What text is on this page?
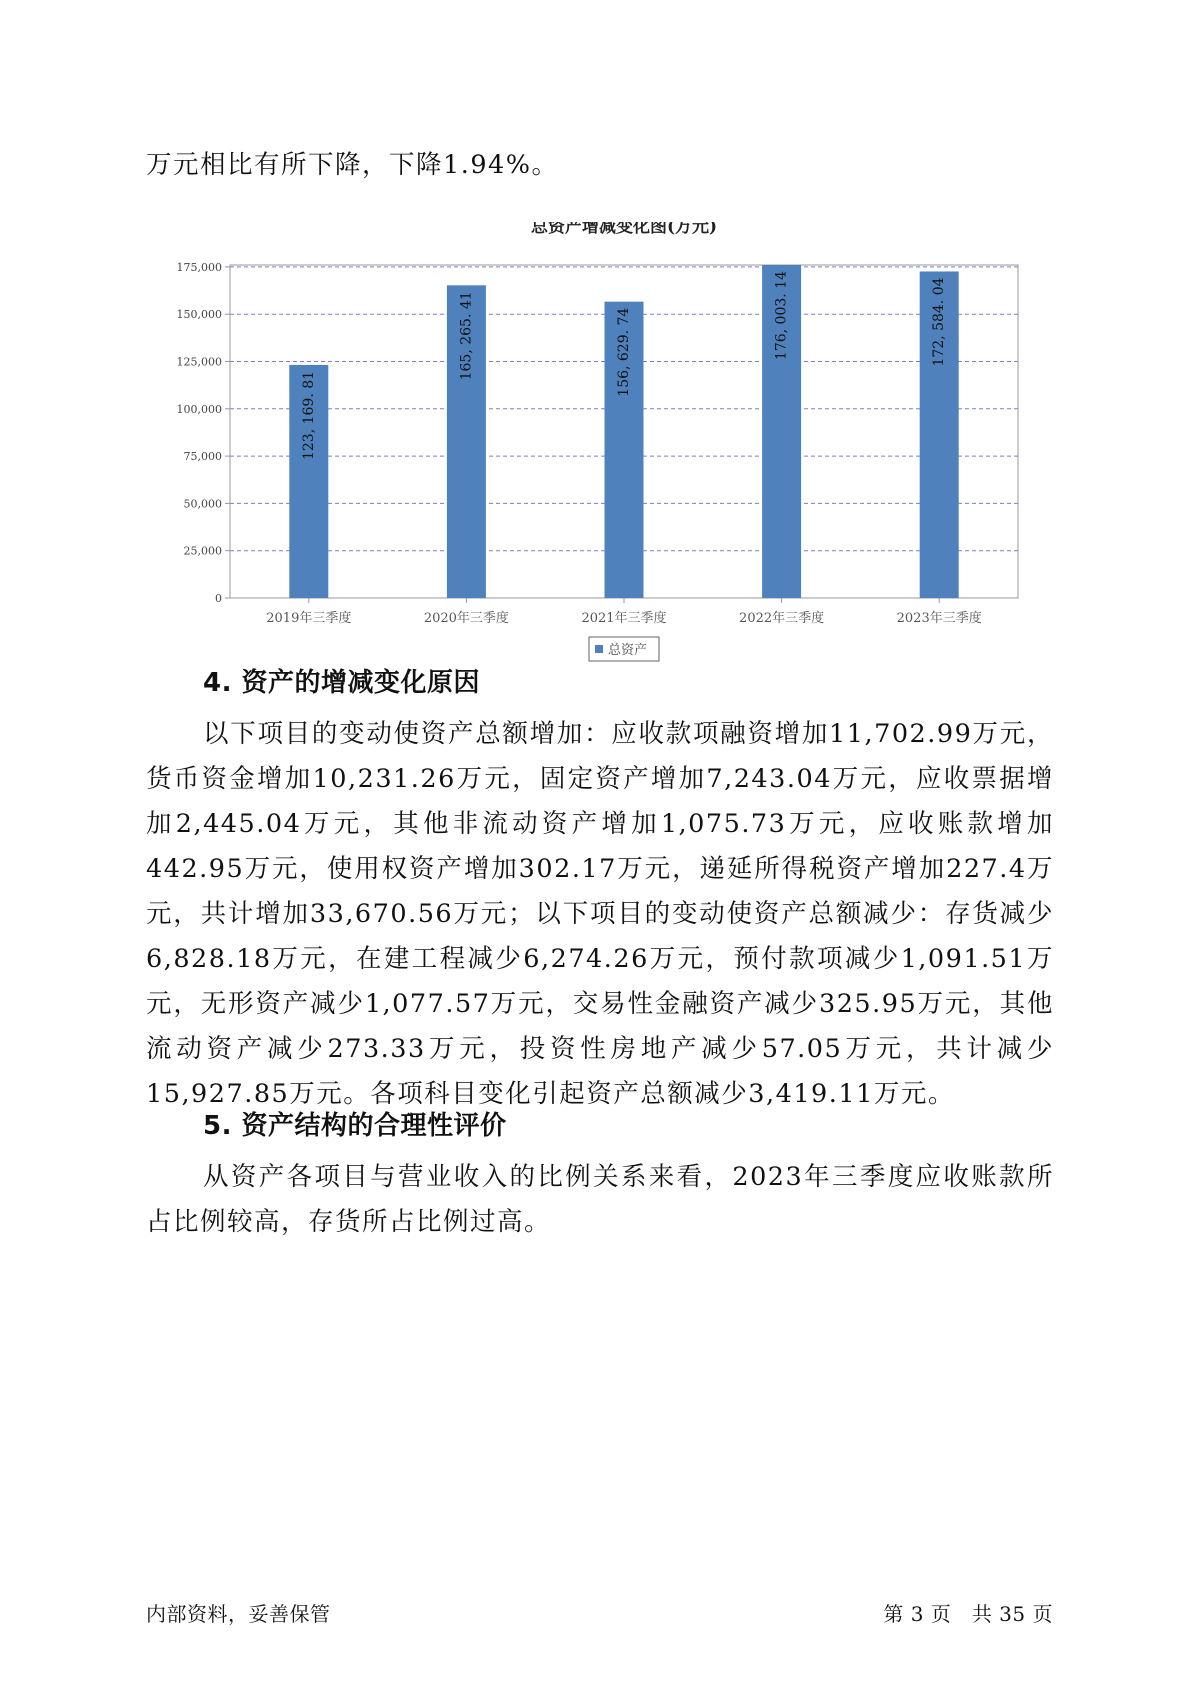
万元相比有所下降，下降1.94%。

总资产增减变化图(万元)
0
25,000
50,000
75,000
100,000
125,000
150,000
175,000
2019年三季度
123, 169. 81
2020年三季度
165, 265. 41
2021年三季度
156, 629. 74
2022年三季度
176, 003. 14
2023年三季度
172, 584. 04
总资产
4. 资产的增减变化原因

以下项目的变动使资产总额增加：应收款项融资增加11,702.99万元，货币资金增加10,231.26万元，固定资产增加7,243.04万元，应收票据增加2,445.04万元，其他非流动资产增加1,075.73万元，应收账款增加442.95万元，使用权资产增加302.17万元，递延所得税资产增加227.4万元，共计增加33,670.56万元；以下项目的变动使资产总额减少：存货减少6,828.18万元，在建工程减少6,274.26万元，预付款项减少1,091.51万元，无形资产减少1,077.57万元，交易性金融资产减少325.95万元，其他流动资产减少273.33万元，投资性房地产减少57.05万元，共计减少15,927.85万元。各项科目变化引起资产总额减少3,419.11万元。

5. 资产结构的合理性评价

从资产各项目与营业收入的比例关系来看，2023年三季度应收账款所占比例较高，存货所占比例过高。

内部资料，妥善保管	第 3 页　共 35 页
